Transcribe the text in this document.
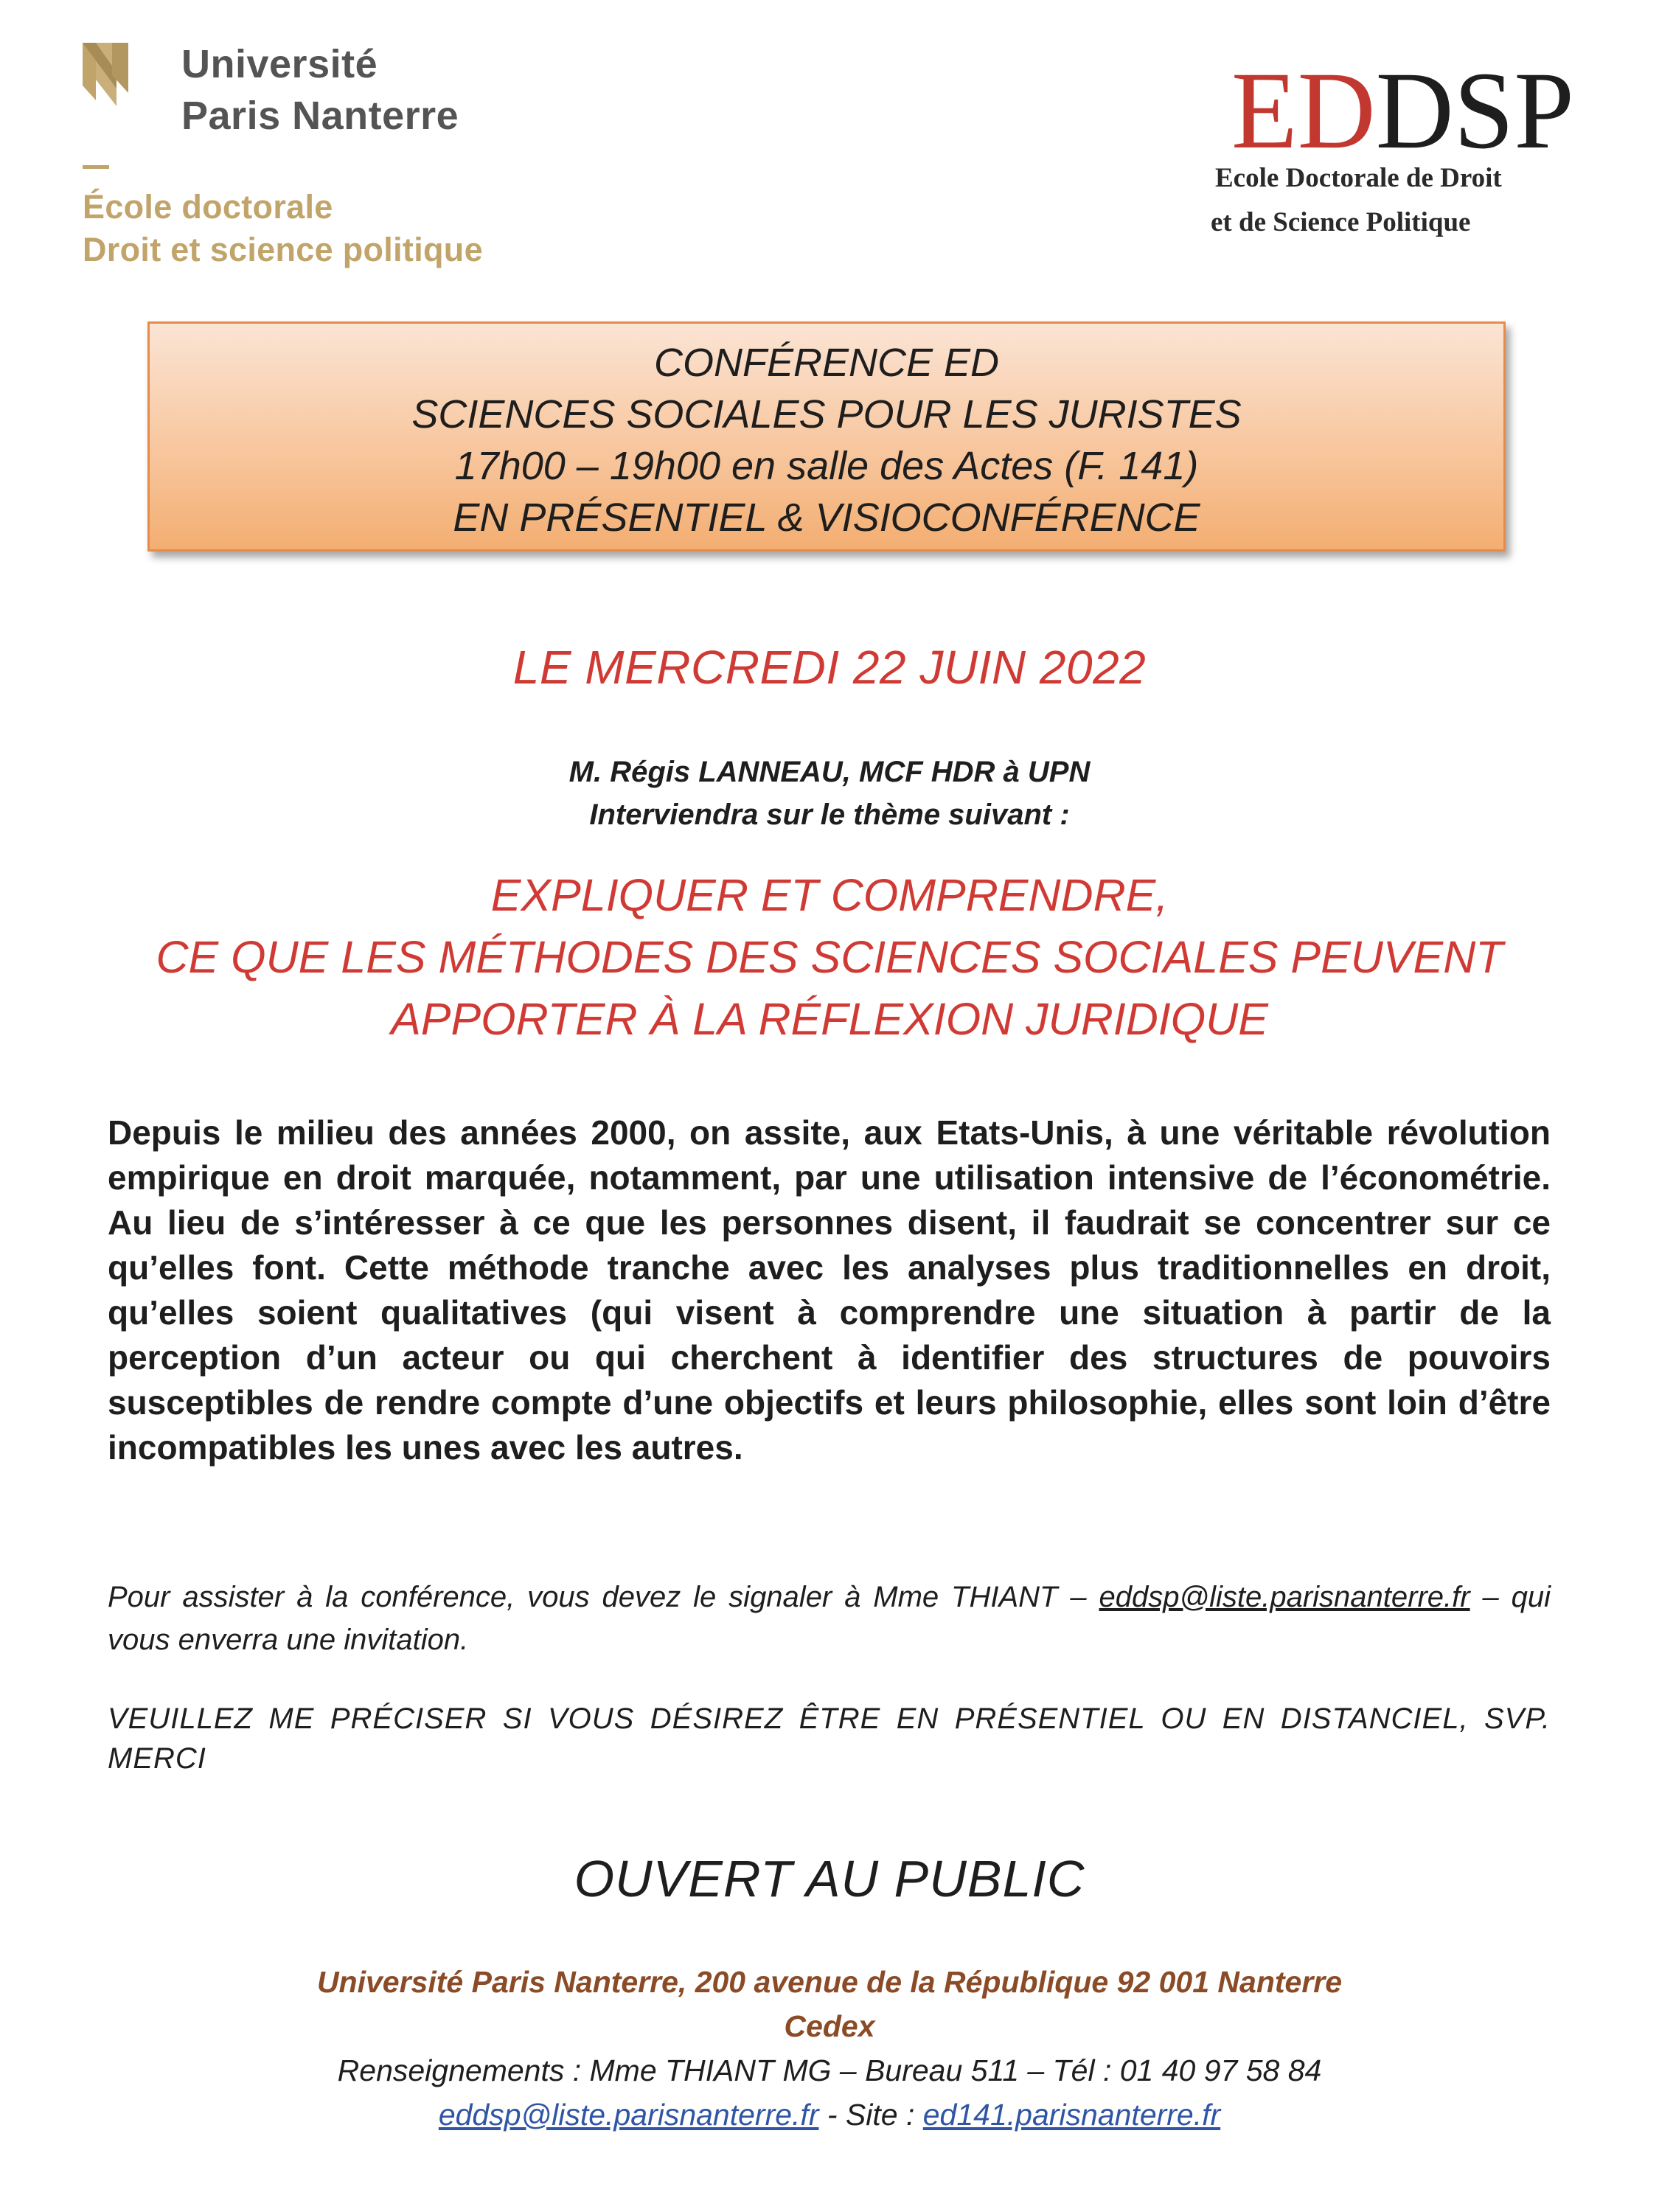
Université
Paris Nanterre
École doctorale
Droit et science politique
EDDSP
Ecole Doctorale de Droit
et de Science Politique
CONFÉRENCE ED
SCIENCES SOCIALES POUR LES JURISTES
17h00 – 19h00 en salle des Actes (F. 141)
EN PRÉSENTIEL & VISIOCONFÉRENCE
LE MERCREDI 22 JUIN 2022
M. Régis LANNEAU, MCF HDR à UPN
Interviendra sur le thème suivant :
EXPLIQUER ET COMPRENDRE,
CE QUE LES MÉTHODES DES SCIENCES SOCIALES PEUVENT
APPORTER À LA RÉFLEXION JURIDIQUE
Depuis le milieu des années 2000, on assite, aux Etats-Unis, à une véritable révolution empirique en droit marquée, notamment, par une utilisation intensive de l’économétrie. Au lieu de s’intéresser à ce que les personnes disent, il faudrait se concentrer sur ce qu’elles font. Cette méthode tranche avec les analyses plus traditionnelles en droit, qu’elles soient qualitatives (qui visent à comprendre une situation à partir de la perception d’un acteur ou qui cherchent à identifier des structures de pouvoirs susceptibles de rendre compte d’une objectifs et leurs philosophie, elles sont loin d’être incompatibles les unes avec les autres.
Pour assister à la conférence, vous devez le signaler à Mme THIANT – eddsp@liste.parisnanterre.fr – qui vous enverra une invitation.
VEUILLEZ ME PRÉCISER SI VOUS DÉSIREZ ÊTRE EN PRÉSENTIEL OU EN DISTANCIEL, SVP. MERCI
OUVERT AU PUBLIC
Université Paris Nanterre, 200 avenue de la République 92 001 Nanterre
Cedex
Renseignements : Mme THIANT MG – Bureau 511 – Tél : 01 40 97 58 84
eddsp@liste.parisnanterre.fr - Site : ed141.parisnanterre.fr
